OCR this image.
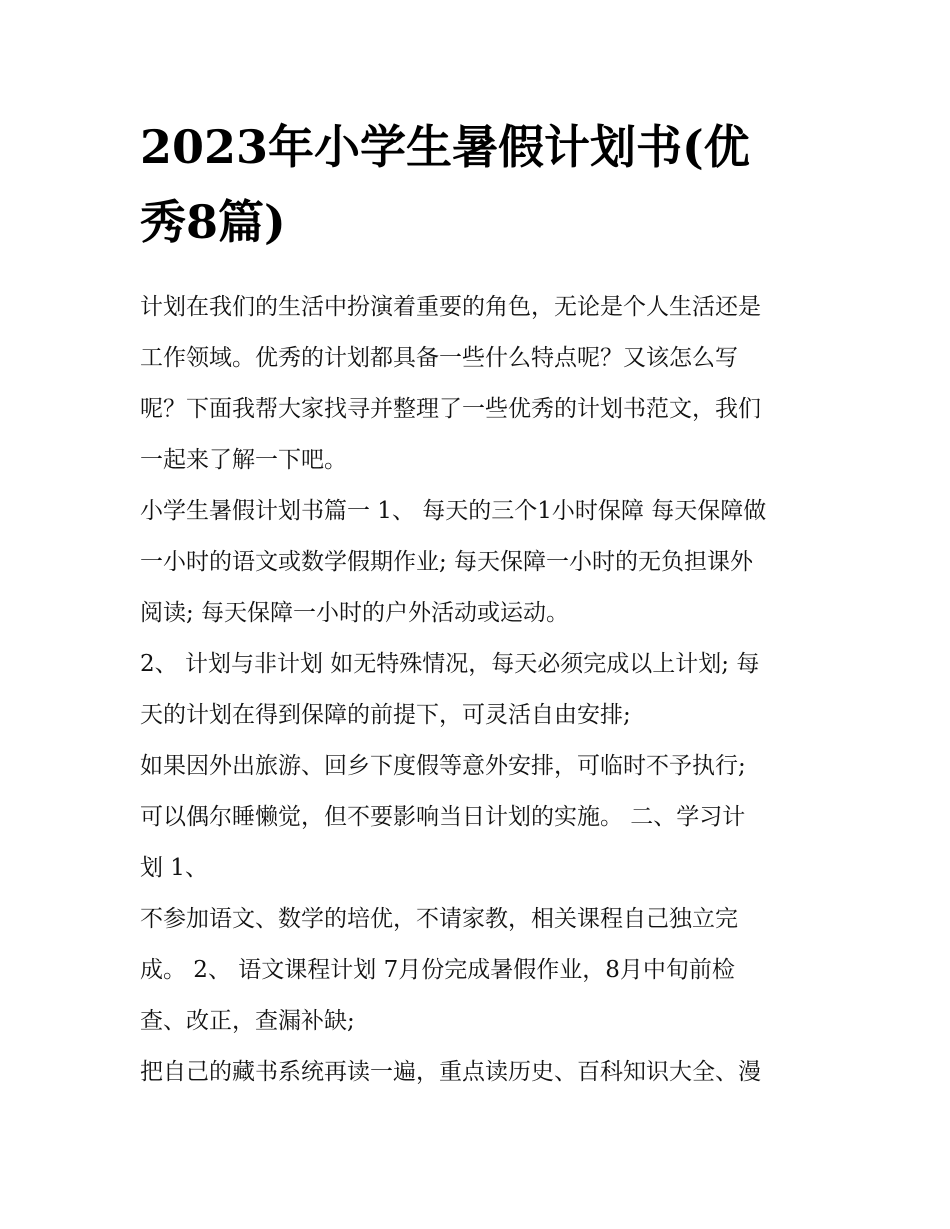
2023年小学生暑假计划书(优
秀8篇)
计划在我们的生活中扮演着重要的角色，无论是个人生活还是
工作领域。优秀的计划都具备一些什么特点呢？又该怎么写
呢？下面我帮大家找寻并整理了一些优秀的计划书范文，我们
一起来了解一下吧。
小学生暑假计划书篇一 1、 每天的三个1小时保障 每天保障做
一小时的语文或数学假期作业; 每天保障一小时的无负担课外
阅读; 每天保障一小时的户外活动或运动。
2、 计划与非计划 如无特殊情况，每天必须完成以上计划; 每
天的计划在得到保障的前提下，可灵活自由安排;
如果因外出旅游、回乡下度假等意外安排，可临时不予执行;
可以偶尔睡懒觉，但不要影响当日计划的实施。 二、学习计
划 1、
不参加语文、数学的培优，不请家教，相关课程自己独立完
成。 2、 语文课程计划 7月份完成暑假作业，8月中旬前检
查、改正，查漏补缺;
把自己的藏书系统再读一遍，重点读历史、百科知识大全、漫
